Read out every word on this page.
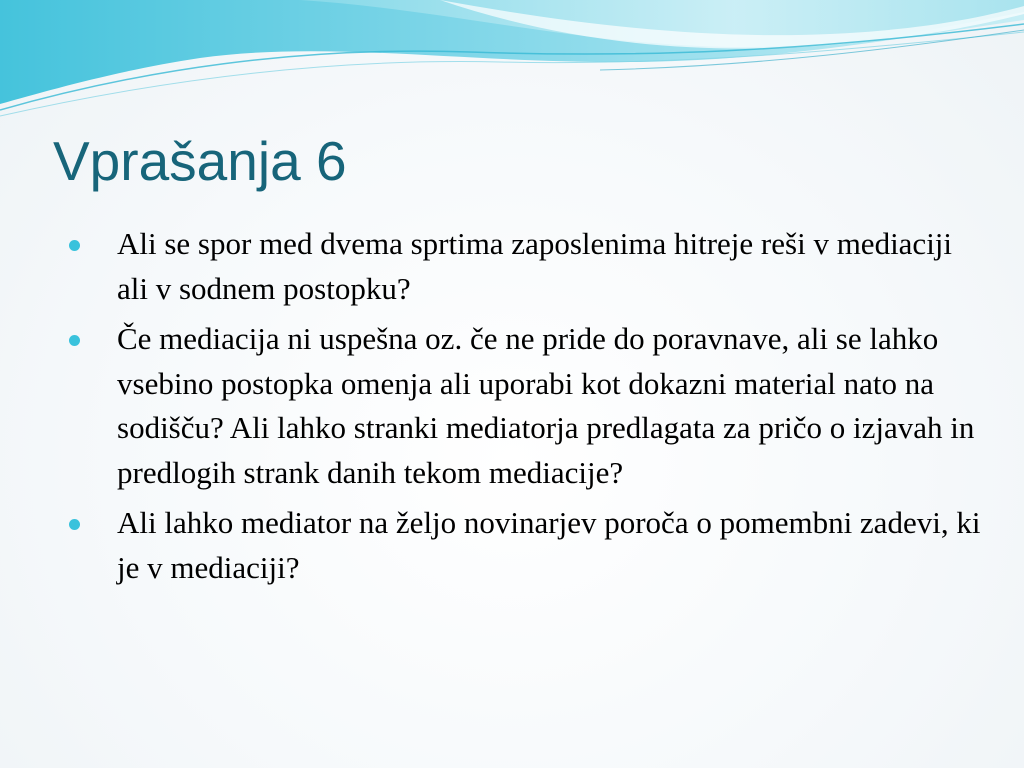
Vprašanja 6
Ali se spor med dvema sprtima zaposlenima hitreje reši v mediaciji ali v sodnem postopku?
Če mediacija ni uspešna oz. če ne pride do poravnave, ali se lahko vsebino postopka omenja ali uporabi kot dokazni material nato na sodišču? Ali lahko stranki mediatorja predlagata za pričo o izjavah in predlogih strank danih tekom mediacije?
Ali lahko mediator na željo novinarjev poroča o pomembni zadevi, ki je v mediaciji?
